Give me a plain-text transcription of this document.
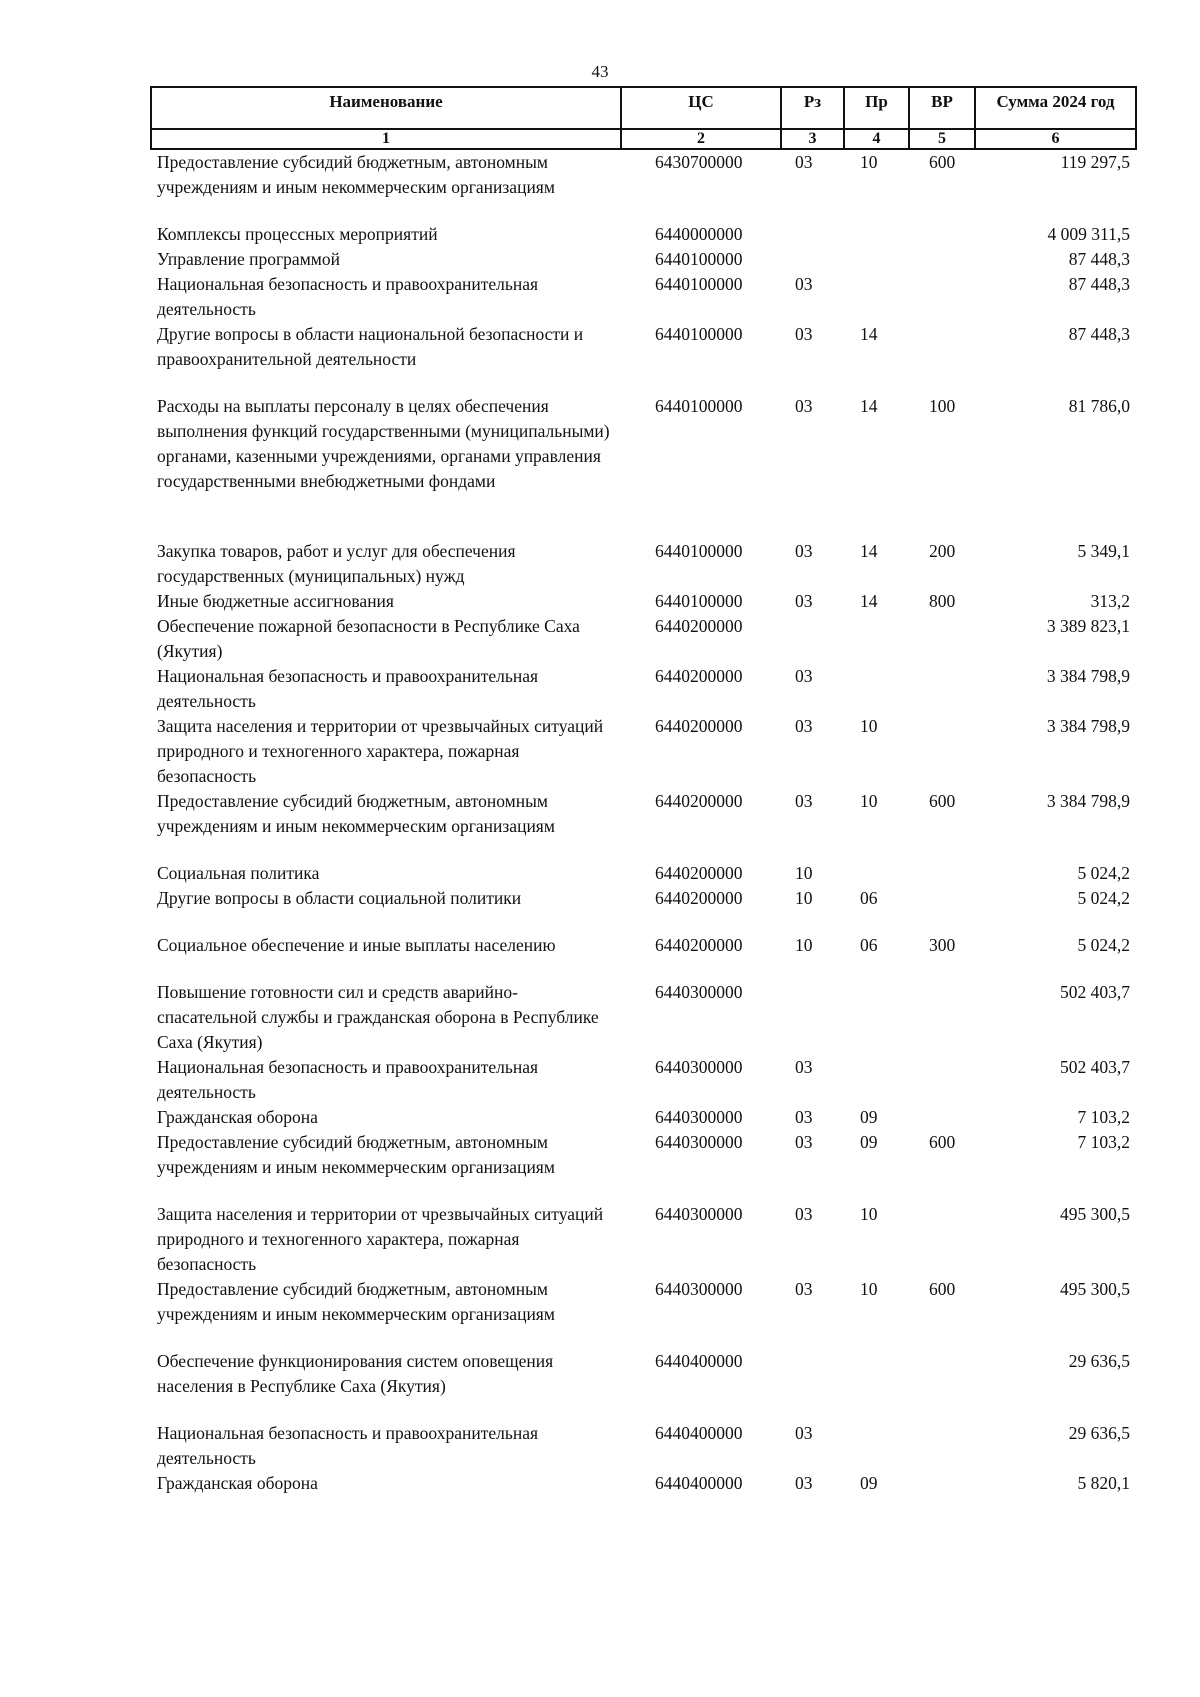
43
Наименование	ЦС	Рз	Пр	ВР	Сумма 2024 год
1	2	3	4	5	6
Предоставление субсидий бюджетным, автономным учреждениям и иным некоммерческим организациям	6430700000	03	10	600	119 297,5
Комплексы процессных мероприятий	6440000000				4 009 311,5
Управление программой	6440100000				87 448,3
Национальная безопасность и правоохранительная деятельность	6440100000	03			87 448,3
Другие вопросы в области национальной безопасности и правоохранительной деятельности	6440100000	03	14		87 448,3
Расходы на выплаты персоналу в целях обеспечения выполнения функций государственными (муниципальными) органами, казенными учреждениями, органами управления государственными внебюджетными фондами	6440100000	03	14	100	81 786,0
Закупка товаров, работ и услуг для обеспечения государственных (муниципальных) нужд	6440100000	03	14	200	5 349,1
Иные бюджетные ассигнования	6440100000	03	14	800	313,2
Обеспечение пожарной безопасности в Республике Саха (Якутия)	6440200000				3 389 823,1
Национальная безопасность и правоохранительная деятельность	6440200000	03			3 384 798,9
Защита населения и территории от чрезвычайных ситуаций природного и техногенного характера, пожарная безопасность	6440200000	03	10		3 384 798,9
Предоставление субсидий бюджетным, автономным учреждениям и иным некоммерческим организациям	6440200000	03	10	600	3 384 798,9
Социальная политика	6440200000	10			5 024,2
Другие вопросы в области социальной политики	6440200000	10	06		5 024,2
Социальное обеспечение и иные выплаты населению	6440200000	10	06	300	5 024,2
Повышение готовности сил и средств аварийно-спасательной службы и гражданская оборона в Республике Саха (Якутия)	6440300000				502 403,7
Национальная безопасность и правоохранительная деятельность	6440300000	03			502 403,7
Гражданская оборона	6440300000	03	09		7 103,2
Предоставление субсидий бюджетным, автономным учреждениям и иным некоммерческим организациям	6440300000	03	09	600	7 103,2
Защита населения и территории от чрезвычайных ситуаций природного и техногенного характера, пожарная безопасность	6440300000	03	10		495 300,5
Предоставление субсидий бюджетным, автономным учреждениям и иным некоммерческим организациям	6440300000	03	10	600	495 300,5
Обеспечение функционирования систем оповещения населения в Республике Саха (Якутия)	6440400000				29 636,5
Национальная безопасность и правоохранительная деятельность	6440400000	03			29 636,5
Гражданская оборона	6440400000	03	09		5 820,1
